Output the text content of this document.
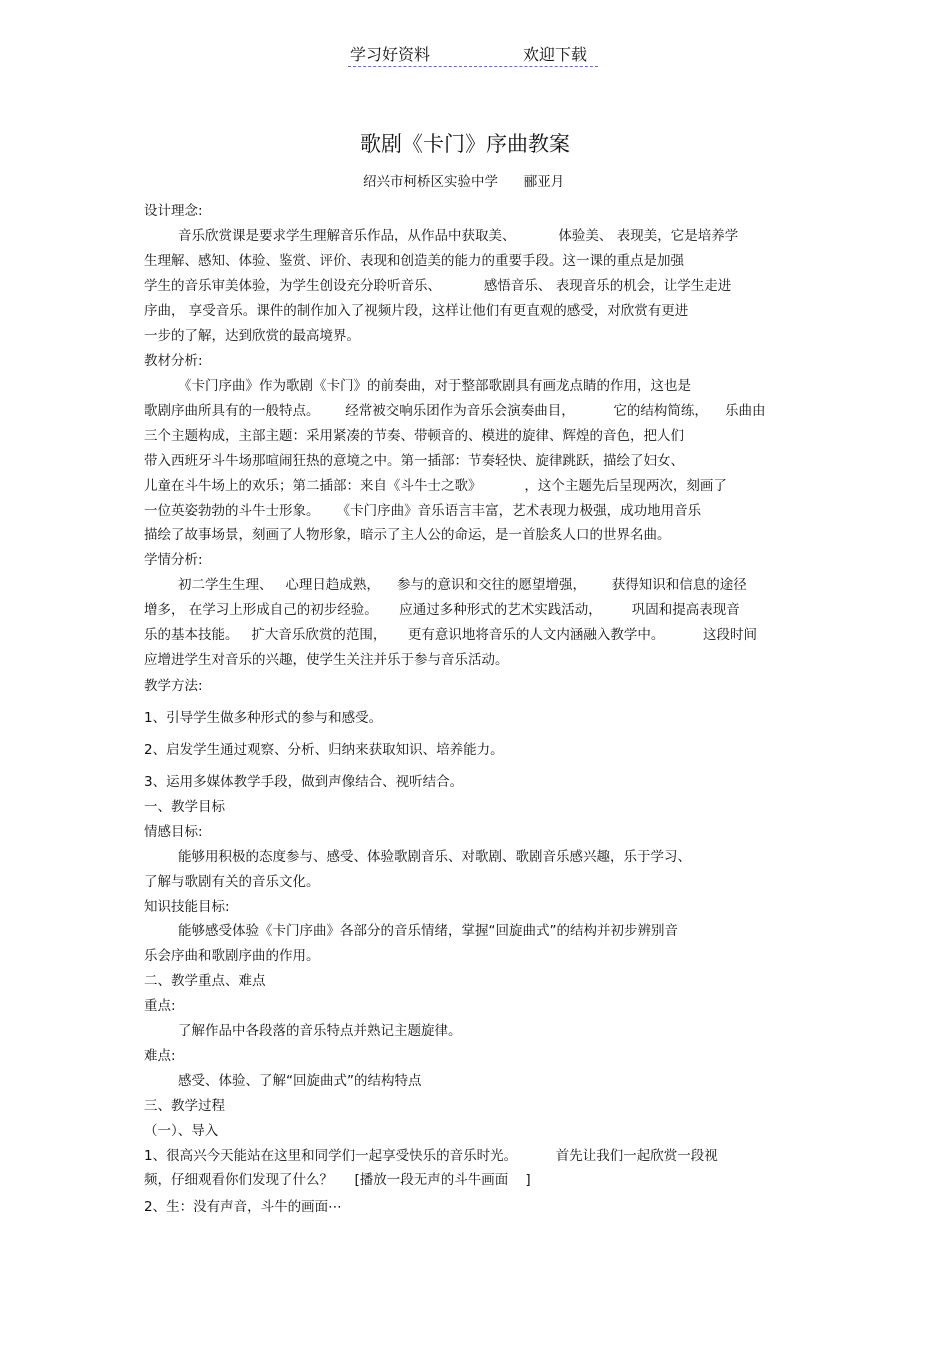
学习好资料	欢迎下载
歌剧《卡门》序曲教案
绍兴市柯桥区实验中学      郦亚月
设计理念:
音乐欣赏课是要求学生理解音乐作品，从作品中获取美、          体验美、 表现美，它是培养学
生理解、感知、体验、鉴赏、评价、表现和创造美的能力的重要手段。这一课的重点是加强
学生的音乐审美体验，为学生创设充分聆听音乐、          感悟音乐、 表现音乐的机会，让学生走进
序曲， 享受音乐。课件的制作加入了视频片段，这样让他们有更直观的感受，对欣赏有更进
一步的了解，达到欣赏的最高境界。
教材分析:
《卡门序曲》作为歌剧《卡门》的前奏曲，对于整部歌剧具有画龙点睛的作用，这也是
歌剧序曲所具有的一般特点。      经常被交响乐团作为音乐会演奏曲目，         它的结构简练，    乐曲由
三个主题构成，主部主题：采用紧凑的节奏、带顿音的、模进的旋律、辉煌的音色，把人们
带入西班牙斗牛场那喧闹狂热的意境之中。第一插部：节奏轻快、旋律跳跃，描绘了妇女、
儿童在斗牛场上的欢乐；第二插部：来自《斗牛士之歌》          ，这个主题先后呈现两次，刻画了
一位英姿勃勃的斗牛士形象。    《卡门序曲》音乐语言丰富，艺术表现力极强，成功地用音乐
描绘了故事场景，刻画了人物形象，暗示了主人公的命运，是一首脍炙人口的世界名曲。
学情分析:
初二学生生理、   心理日趋成熟，    参与的意识和交往的愿望增强，      获得知识和信息的途径
增多， 在学习上形成自己的初步经验。     应通过多种形式的艺术实践活动，       巩固和提高表现音
乐的基本技能。   扩大音乐欣赏的范围，     更有意识地将音乐的人文内涵融入教学中。         这段时间
应增进学生对音乐的兴趣，使学生关注并乐于参与音乐活动。
教学方法:
1、引导学生做多种形式的参与和感受。
2、启发学生通过观察、分析、归纳来获取知识、培养能力。
3、运用多媒体教学手段，做到声像结合、视听结合。
一、教学目标
情感目标:
能够用积极的态度参与、感受、体验歌剧音乐、对歌剧、歌剧音乐感兴趣，乐于学习、
了解与歌剧有关的音乐文化。
知识技能目标:
能够感受体验《卡门序曲》各部分的音乐情绪，掌握“回旋曲式”的结构并初步辨别音
乐会序曲和歌剧序曲的作用。
二、教学重点、难点
重点:
了解作品中各段落的音乐特点并熟记主题旋律。
难点:
感受、体验、了解“回旋曲式”的结构特点
三、教学过程
（一）、导入
1、很高兴今天能站在这里和同学们一起享受快乐的音乐时光。         首先让我们一起欣赏一段视
频，仔细观看你们发现了什么？     [播放一段无声的斗牛画面    ]
2、生：没有声音，斗牛的画面⋯
